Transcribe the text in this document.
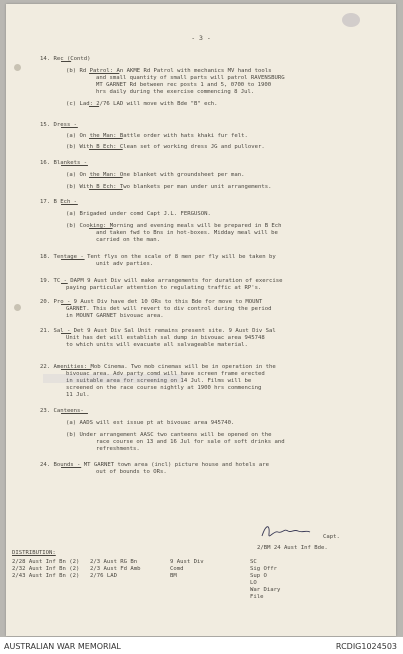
- 3 -
14. Rec (Contd)
(b) Rd Patrol: An AKME Rd Patrol with mechanics MV hand tools
and small quantity of small parts will patrol RAVENSBURG
MT GARNET Rd between rec posts 1 and 5, 0700 to 1900
hrs daily during the exercise commencing 8 Jul.
(c) Lad: 2/76 LAD will move with Bde "B" ech.
15. Dress -
(a) On the Man: Battle order with hats khaki fur felt.
(b) With B Ech: Clean set of working dress JG and pullover.
16. Blankets -
(a) On the Man: One blanket with groundsheet per man.
(b) With B Ech: Two blankets per man under unit arrangements.
17. B Ech -
(a) Brigaded under comd Capt J.L. FERGUSON.
(b) Cooking: Morning and evening meals will be prepared in B Ech
and taken fwd to Bns in hot-boxes. Midday meal will be
carried on the man.
18. Tentage - Tent flys on the scale of 8 men per fly will be taken by
unit adv parties.
19. TC - DAPM 9 Aust Div will make arrangements for duration of exercise
paying particular attention to regulating traffic at RP's.
20. Pro - 9 Aust Div have det 10 ORs to this Bde for move to MOUNT
GARNET. This det will revert to div control during the period
in MOUNT GARNET bivouac area.
21. Sal - Det 9 Aust Div Sal Unit remains present site. 9 Aust Div Sal
Unit has det will establish sal dump in bivouac area 945748
to which units will evacuate all salvageable material.
22. Amenities: Mob Cinema. Two mob cinemas will be in operation in the
bivouac area. Adv party comd will have screen frame erected
in suitable area for screening on 14 Jul. Films will be
screened on the race course nightly at 1900 hrs commencing
11 Jul.
23. Canteens-
(a) AADS will est issue pt at bivouac area 945740.
(b) Under arrangement AASC two canteens will be opened on the
race course on 13 and 16 Jul for sale of soft drinks and
refreshments.
24. Bounds - MT GARNET town area (incl) picture house and hotels are
out of bounds to ORs.
Capt.
2/BM 24 Aust Inf Bde.
DISTRIBUTION:
2/28 Aust Inf Bn (2)
2/32 Aust Inf Bn (2)
2/43 Aust Inf Bn (2)
2/3 Aust RG Bn
2/3 Aust Fd Amb
2/76 LAD
9 Aust Div
Comd
BM
SC
Sig Offr
Sup O
LO
War Diary
File
AUSTRALIAN WAR MEMORIAL	RCDIG1024503
